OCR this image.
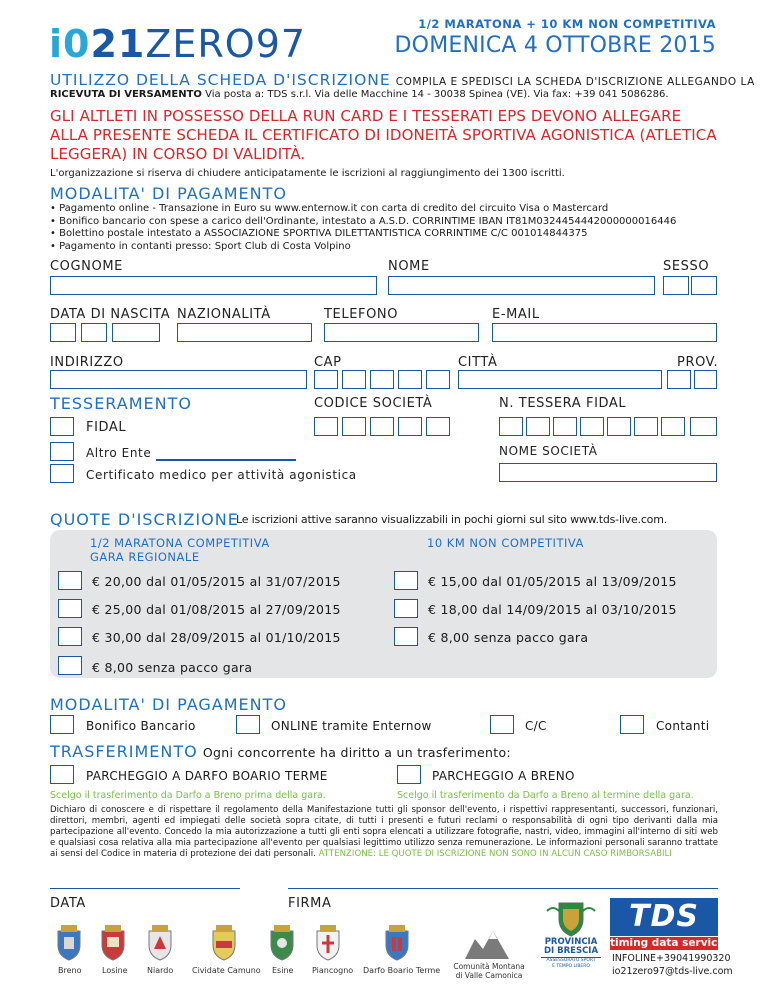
i021ZERO97	1/2 MARATONA + 10 KM NON COMPETITIVA
DOMENICA 4 OTTOBRE 2015
UTILIZZO DELLA SCHEDA D'ISCRIZIONE COMPILA E SPEDISCI LA SCHEDA D'ISCRIZIONE ALLEGANDO LA
RICEVUTA DI VERSAMENTO Via posta a: TDS s.r.l. Via delle Macchine 14 - 30038 Spinea (VE). Via fax: +39 041 5086286.
GLI ALTLETI IN POSSESSO DELLA RUN CARD E I TESSERATI EPS DEVONO ALLEGARE ALLA PRESENTE SCHEDA IL CERTIFICATO DI IDONEITÀ SPORTIVA AGONISTICA (ATLETICA LEGGERA) IN CORSO DI VALIDITÀ.
L'organizzazione si riserva di chiudere anticipatamente le iscrizioni al raggiungimento dei 1300 iscritti.
MODALITA' DI PAGAMENTO
• Pagamento online - Transazione in Euro su www.enternow.it con carta di credito del circuito Visa o Mastercard
• Bonifico bancario con spese a carico dell'Ordinante, intestato a A.S.D. CORRINTIME IBAN IT81M0324454442000000016446
• Bolettino postale intestato a ASSOCIAZIONE SPORTIVA DILETTANTISTICA CORRINTIME C/C 001014844375
• Pagamento in contanti presso: Sport Club di Costa Volpino
COGNOME	NOME	SESSO
DATA DI NASCITA NAZIONALITÀ	TELEFONO	E-MAIL
INDIRIZZO	CAP	CITTÀ	PROV.
TESSERAMENTO	CODICE SOCIETÀ	N. TESSERA FIDAL
FIDAL
Altro Ente	NOME SOCIETÀ
Certificato medico per attività agonistica
QUOTE D'ISCRIZIONE
Le iscrizioni attive saranno visualizzabili in pochi giorni sul sito www.tds-live.com.
1/2 MARATONA COMPETITIVA
GARA REGIONALE
10 KM NON COMPETITIVA
€ 20,00 dal 01/05/2015 al 31/07/2015
€ 25,00 dal 01/08/2015 al 27/09/2015
€ 30,00 dal 28/09/2015 al 01/10/2015
€ 8,00 senza pacco gara
€ 15,00 dal 01/05/2015 al 13/09/2015
€ 18,00 dal 14/09/2015 al 03/10/2015
€ 8,00 senza pacco gara
MODALITA' DI PAGAMENTO
Bonifico Bancario	ONLINE tramite Enternow	C/C	Contanti
TRASFERIMENTO Ogni concorrente ha diritto a un trasferimento:
PARCHEGGIO A DARFO BOARIO TERME	PARCHEGGIO A BRENO
Scelgo il trasferimento da Darfo a Breno prima della gara.	Scelgo il trasferimento da Darfo a Breno al termine della gara.
Dichiaro di conoscere e di rispettare il regolamento della Manifestazione tutti gli sponsor dell'evento, i rispettivi rappresentanti, successori, funzionari, direttori, membri, agenti ed impiegati delle società sopra citate, di tutti i presenti e futuri reclami o responsabilità di ogni tipo derivanti dalla mia partecipazione all'evento. Concedo la mia autorizzazione a tutti gli enti sopra elencati a utilizzare fotografie, nastri, video, immagini all'interno di siti web e qualsiasi cosa relativa alla mia partecipazione all'evento per qualsiasi legittimo utilizzo senza remunerazione. Le informazioni personali saranno trattate ai sensi del Codice in materia di protezione dei dati personali. ATTENZIONE: LE QUOTE DI ISCRIZIONE NON SONO IN ALCUN CASO RIMBORSABILI
DATA	FIRMA
Breno	Losine Niardo Cividate Camuno Esine Piancogno Darfo Boario Terme	Comunità Montana
di Valle Camonica
PROVINCIA
DI BRESCIA
ASSESSORATO SPORT
E TEMPO LIBERO
TDS
timing data service
INFOLINE+39041990320
io21zero97@tds-live.com
